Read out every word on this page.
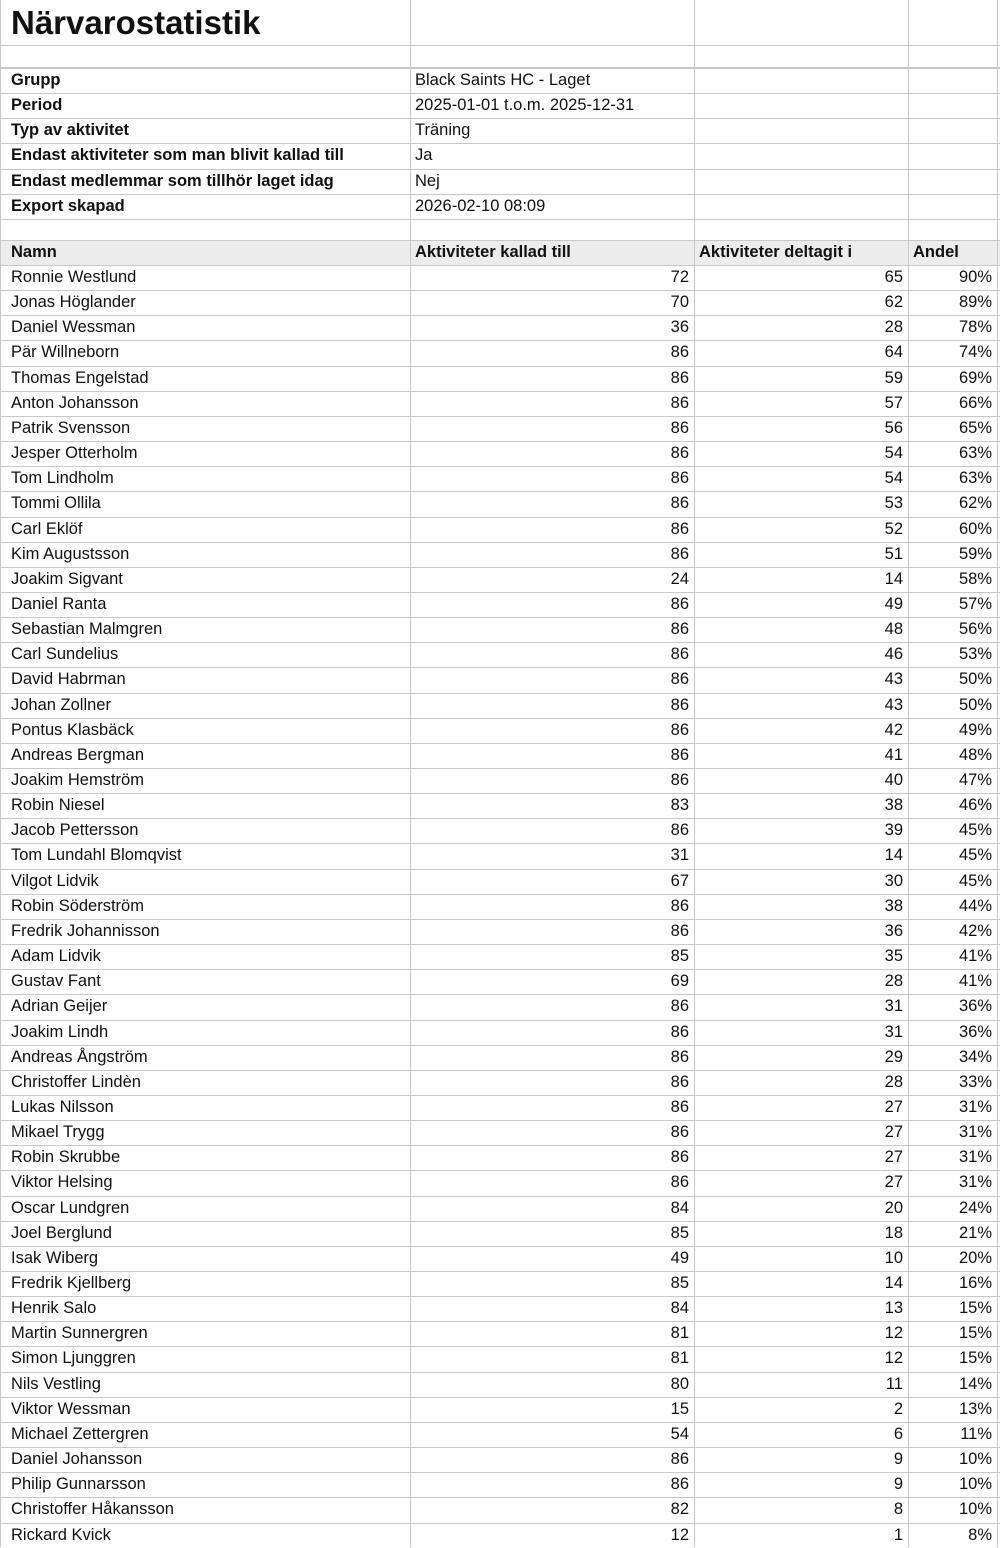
Närvarostatistik
Grupp	Black Saints HC - Laget
Period	2025-01-01 t.o.m. 2025-12-31
Typ av aktivitet	Träning
Endast aktiviteter som man blivit kallad till	Ja
Endast medlemmar som tillhör laget idag	Nej
Export skapad	2026-02-10 08:09
Namn	Aktiviteter kallad till	Aktiviteter deltagit i	Andel
Ronnie Westlund	72	65	90%
Jonas Höglander	70	62	89%
Daniel Wessman	36	28	78%
Pär Willneborn	86	64	74%
Thomas Engelstad	86	59	69%
Anton Johansson	86	57	66%
Patrik Svensson	86	56	65%
Jesper Otterholm	86	54	63%
Tom Lindholm	86	54	63%
Tommi Ollila	86	53	62%
Carl Eklöf	86	52	60%
Kim Augustsson	86	51	59%
Joakim Sigvant	24	14	58%
Daniel Ranta	86	49	57%
Sebastian Malmgren	86	48	56%
Carl Sundelius	86	46	53%
David Habrman	86	43	50%
Johan Zollner	86	43	50%
Pontus Klasbäck	86	42	49%
Andreas Bergman	86	41	48%
Joakim Hemström	86	40	47%
Robin Niesel	83	38	46%
Jacob Pettersson	86	39	45%
Tom Lundahl Blomqvist	31	14	45%
Vilgot Lidvik	67	30	45%
Robin Söderström	86	38	44%
Fredrik Johannisson	86	36	42%
Adam Lidvik	85	35	41%
Gustav Fant	69	28	41%
Adrian Geijer	86	31	36%
Joakim Lindh	86	31	36%
Andreas Ångström	86	29	34%
Christoffer Lindèn	86	28	33%
Lukas Nilsson	86	27	31%
Mikael Trygg	86	27	31%
Robin Skrubbe	86	27	31%
Viktor Helsing	86	27	31%
Oscar Lundgren	84	20	24%
Joel Berglund	85	18	21%
Isak Wiberg	49	10	20%
Fredrik Kjellberg	85	14	16%
Henrik Salo	84	13	15%
Martin Sunnergren	81	12	15%
Simon Ljunggren	81	12	15%
Nils Vestling	80	11	14%
Viktor Wessman	15	2	13%
Michael Zettergren	54	6	11%
Daniel Johansson	86	9	10%
Philip Gunnarsson	86	9	10%
Christoffer Håkansson	82	8	10%
Rickard Kvick	12	1	8%
